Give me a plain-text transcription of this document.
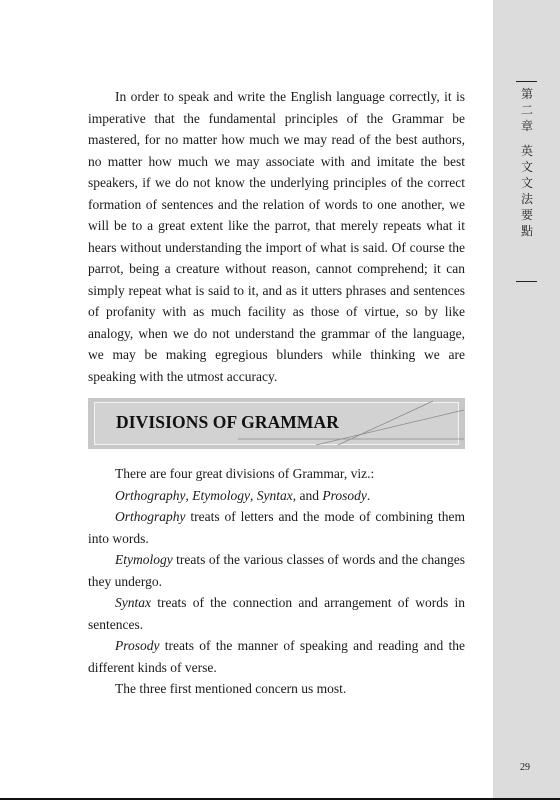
第二章
英文文法要點

In order to speak and write the English language correctly, it is imperative that the fundamental principles of the Grammar be mastered, for no matter how much we may read of the best authors, no matter how much we may associate with and imitate the best speakers, if we do not know the underlying principles of the correct formation of sentences and the relation of words to one another, we will be to a great extent like the parrot, that merely repeats what it hears without understanding the import of what is said. Of course the parrot, being a creature without reason, cannot comprehend; it can simply repeat what is said to it, and as it utters phrases and sentences of profanity with as much facility as those of virtue, so by like analogy, when we do not understand the grammar of the language, we may be making egregious blunders while thinking we are speaking with the utmost accuracy.

DIVISIONS OF GRAMMAR

There are four great divisions of Grammar, viz.:

Orthography, Etymology, Syntax, and Prosody.

Orthography treats of letters and the mode of combining them into words.

Etymology treats of the various classes of words and the changes they undergo.

Syntax treats of the connection and arrangement of words in sentences.

Prosody treats of the manner of speaking and reading and the different kinds of verse.

The three first mentioned concern us most.

29
